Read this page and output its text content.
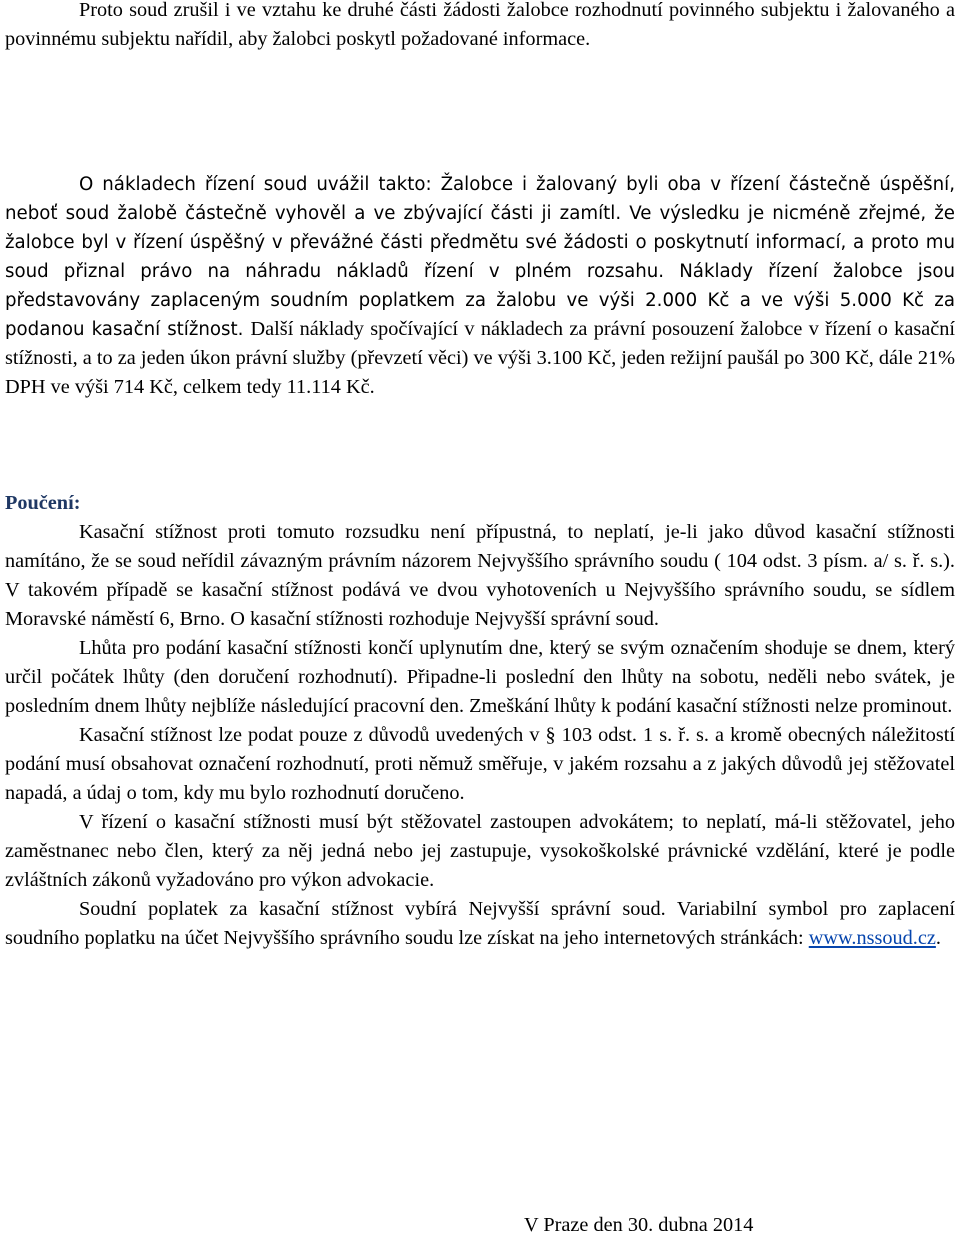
Proto soud zrušil i ve vztahu ke druhé části žádosti žalobce rozhodnutí povinného subjektu i žalovaného a povinnému subjektu nařídil, aby žalobci poskytl požadované informace.

O nákladech řízení soud uvážil takto: Žalobce i žalovaný byli oba v řízení částečně úspěšní, neboť soud žalobě částečně vyhověl a ve zbývající části ji zamítl. Ve výsledku je nicméně zřejmé, že žalobce byl v řízení úspěšný v převážné části předmětu své žádosti o poskytnutí informací, a proto mu soud přiznal právo na náhradu nákladů řízení v plném rozsahu. Náklady řízení žalobce jsou představovány zaplaceným soudním poplatkem za žalobu ve výši 2.000 Kč a ve výši 5.000 Kč za podanou kasační stížnost. Další náklady spočívající v nákladech za právní posouzení žalobce v řízení o kasační stížnosti, a to za jeden úkon právní služby (převzetí věci) ve výši 3.100 Kč, jeden režijní paušál po 300 Kč, dále 21% DPH ve výši 714 Kč, celkem tedy 11.114 Kč.

Poučení:

Kasační stížnost proti tomuto rozsudku není přípustná, to neplatí, je-li jako důvod kasační stížnosti namítáno, že se soud neřídil závazným právním názorem Nejvyššího správního soudu ( 104 odst. 3 písm. a/ s. ř. s.). V takovém případě se kasační stížnost podává ve dvou vyhotoveních u Nejvyššího správního soudu, se sídlem Moravské náměstí 6, Brno. O kasační stížnosti rozhoduje Nejvyšší správní soud.

Lhůta pro podání kasační stížnosti končí uplynutím dne, který se svým označením shoduje se dnem, který určil počátek lhůty (den doručení rozhodnutí). Připadne-li poslední den lhůty na sobotu, neděli nebo svátek, je posledním dnem lhůty nejblíže následující pracovní den. Zmeškání lhůty k podání kasační stížnosti nelze prominout.

Kasační stížnost lze podat pouze z důvodů uvedených v § 103 odst. 1 s. ř. s. a kromě obecných náležitostí podání musí obsahovat označení rozhodnutí, proti němuž směřuje, v jakém rozsahu a z jakých důvodů jej stěžovatel napadá, a údaj o tom, kdy mu bylo rozhodnutí doručeno.

V řízení o kasační stížnosti musí být stěžovatel zastoupen advokátem; to neplatí, má-li stěžovatel, jeho zaměstnanec nebo člen, který za něj jedná nebo jej zastupuje, vysokoškolské právnické vzdělání, které je podle zvláštních zákonů vyžadováno pro výkon advokacie.

Soudní poplatek za kasační stížnost vybírá Nejvyšší správní soud. Variabilní symbol pro zaplacení soudního poplatku na účet Nejvyššího správního soudu lze získat na jeho internetových stránkách: www.nssoud.cz.

V Praze den 30. dubna 2014
